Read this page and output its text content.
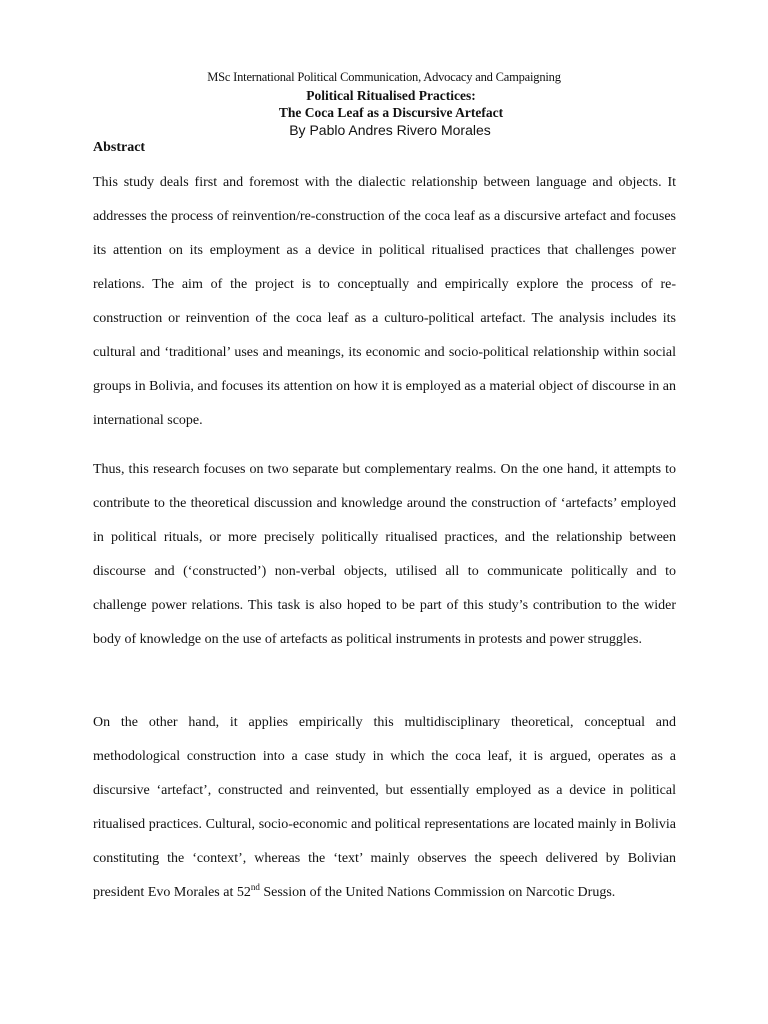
MSc International Political Communication, Advocacy and Campaigning
Political Ritualised Practices:
The Coca Leaf as a Discursive Artefact
By Pablo Andres Rivero Morales
Abstract

This study deals first and foremost with the dialectic relationship between language and objects. It addresses the process of reinvention/re-construction of the coca leaf as a discursive artefact and focuses its attention on its employment as a device in political ritualised practices that challenges power relations. The aim of the project is to conceptually and empirically explore the process of re-construction or reinvention of the coca leaf as a culturo-political artefact. The analysis includes its cultural and ‘traditional’ uses and meanings, its economic and socio-political relationship within social groups in Bolivia, and focuses its attention on how it is employed as a material object of discourse in an international scope.

Thus, this research focuses on two separate but complementary realms. On the one hand, it attempts to contribute to the theoretical discussion and knowledge around the construction of ‘artefacts’ employed in political rituals, or more precisely politically ritualised practices, and the relationship between discourse and (‘constructed’) non-verbal objects, utilised all to communicate politically and to challenge power relations. This task is also hoped to be part of this study’s contribution to the wider body of knowledge on the use of artefacts as political instruments in protests and power struggles.

On the other hand, it applies empirically this multidisciplinary theoretical, conceptual and methodological construction into a case study in which the coca leaf, it is argued, operates as a discursive ‘artefact’, constructed and reinvented, but essentially employed as a device in political ritualised practices. Cultural, socio-economic and political representations are located mainly in Bolivia constituting the ‘context’, whereas the ‘text’ mainly observes the speech delivered by Bolivian president Evo Morales at 52nd Session of the United Nations Commission on Narcotic Drugs.
